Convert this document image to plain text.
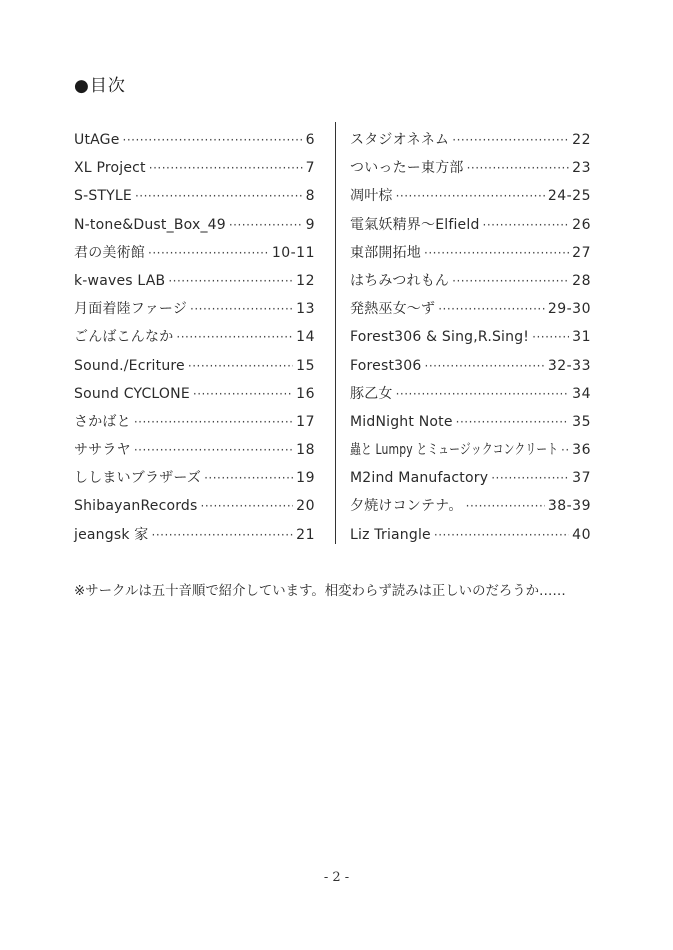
●目次
UtAGe ·····	6
XL Project ·····	7
S-STYLE ·····	8
N-tone&Dust_Box_49 ·····	9
君の美術館 ·····	10-11
k-waves LAB ·····	12
月面着陸ファージ ·····	13
ごんばこんなか ·····	14
Sound./Ecriture ·····	15
Sound CYCLONE ·····	16
さかばと ·····	17
ササラヤ ·····	18
ししまいブラザーズ ·····	19
ShibayanRecords ·····	20
jeangsk 家 ·····	21
スタジオネネム ·····	22
ついったー東方部 ·····	23
凋叶棕 ·····	24-25
電氣妖精界～Elfield ·····	26
東部開拓地 ·····	27
はちみつれもん ·····	28
発熱巫女～ず ·····	29-30
Forest306 & Sing,R.Sing! ·····	31
Forest306 ·····	32-33
豚乙女 ·····	34
MidNight Note ·····	35
蟲と Lumpy とミュージックコンクリート ····· 36
M2ind Manufactory ·····	37
夕焼けコンテナ。 ·····	38-39
Liz Triangle ·····	40
※サークルは五十音順で紹介しています。相変わらず読みは正しいのだろうか……
- 2 -
